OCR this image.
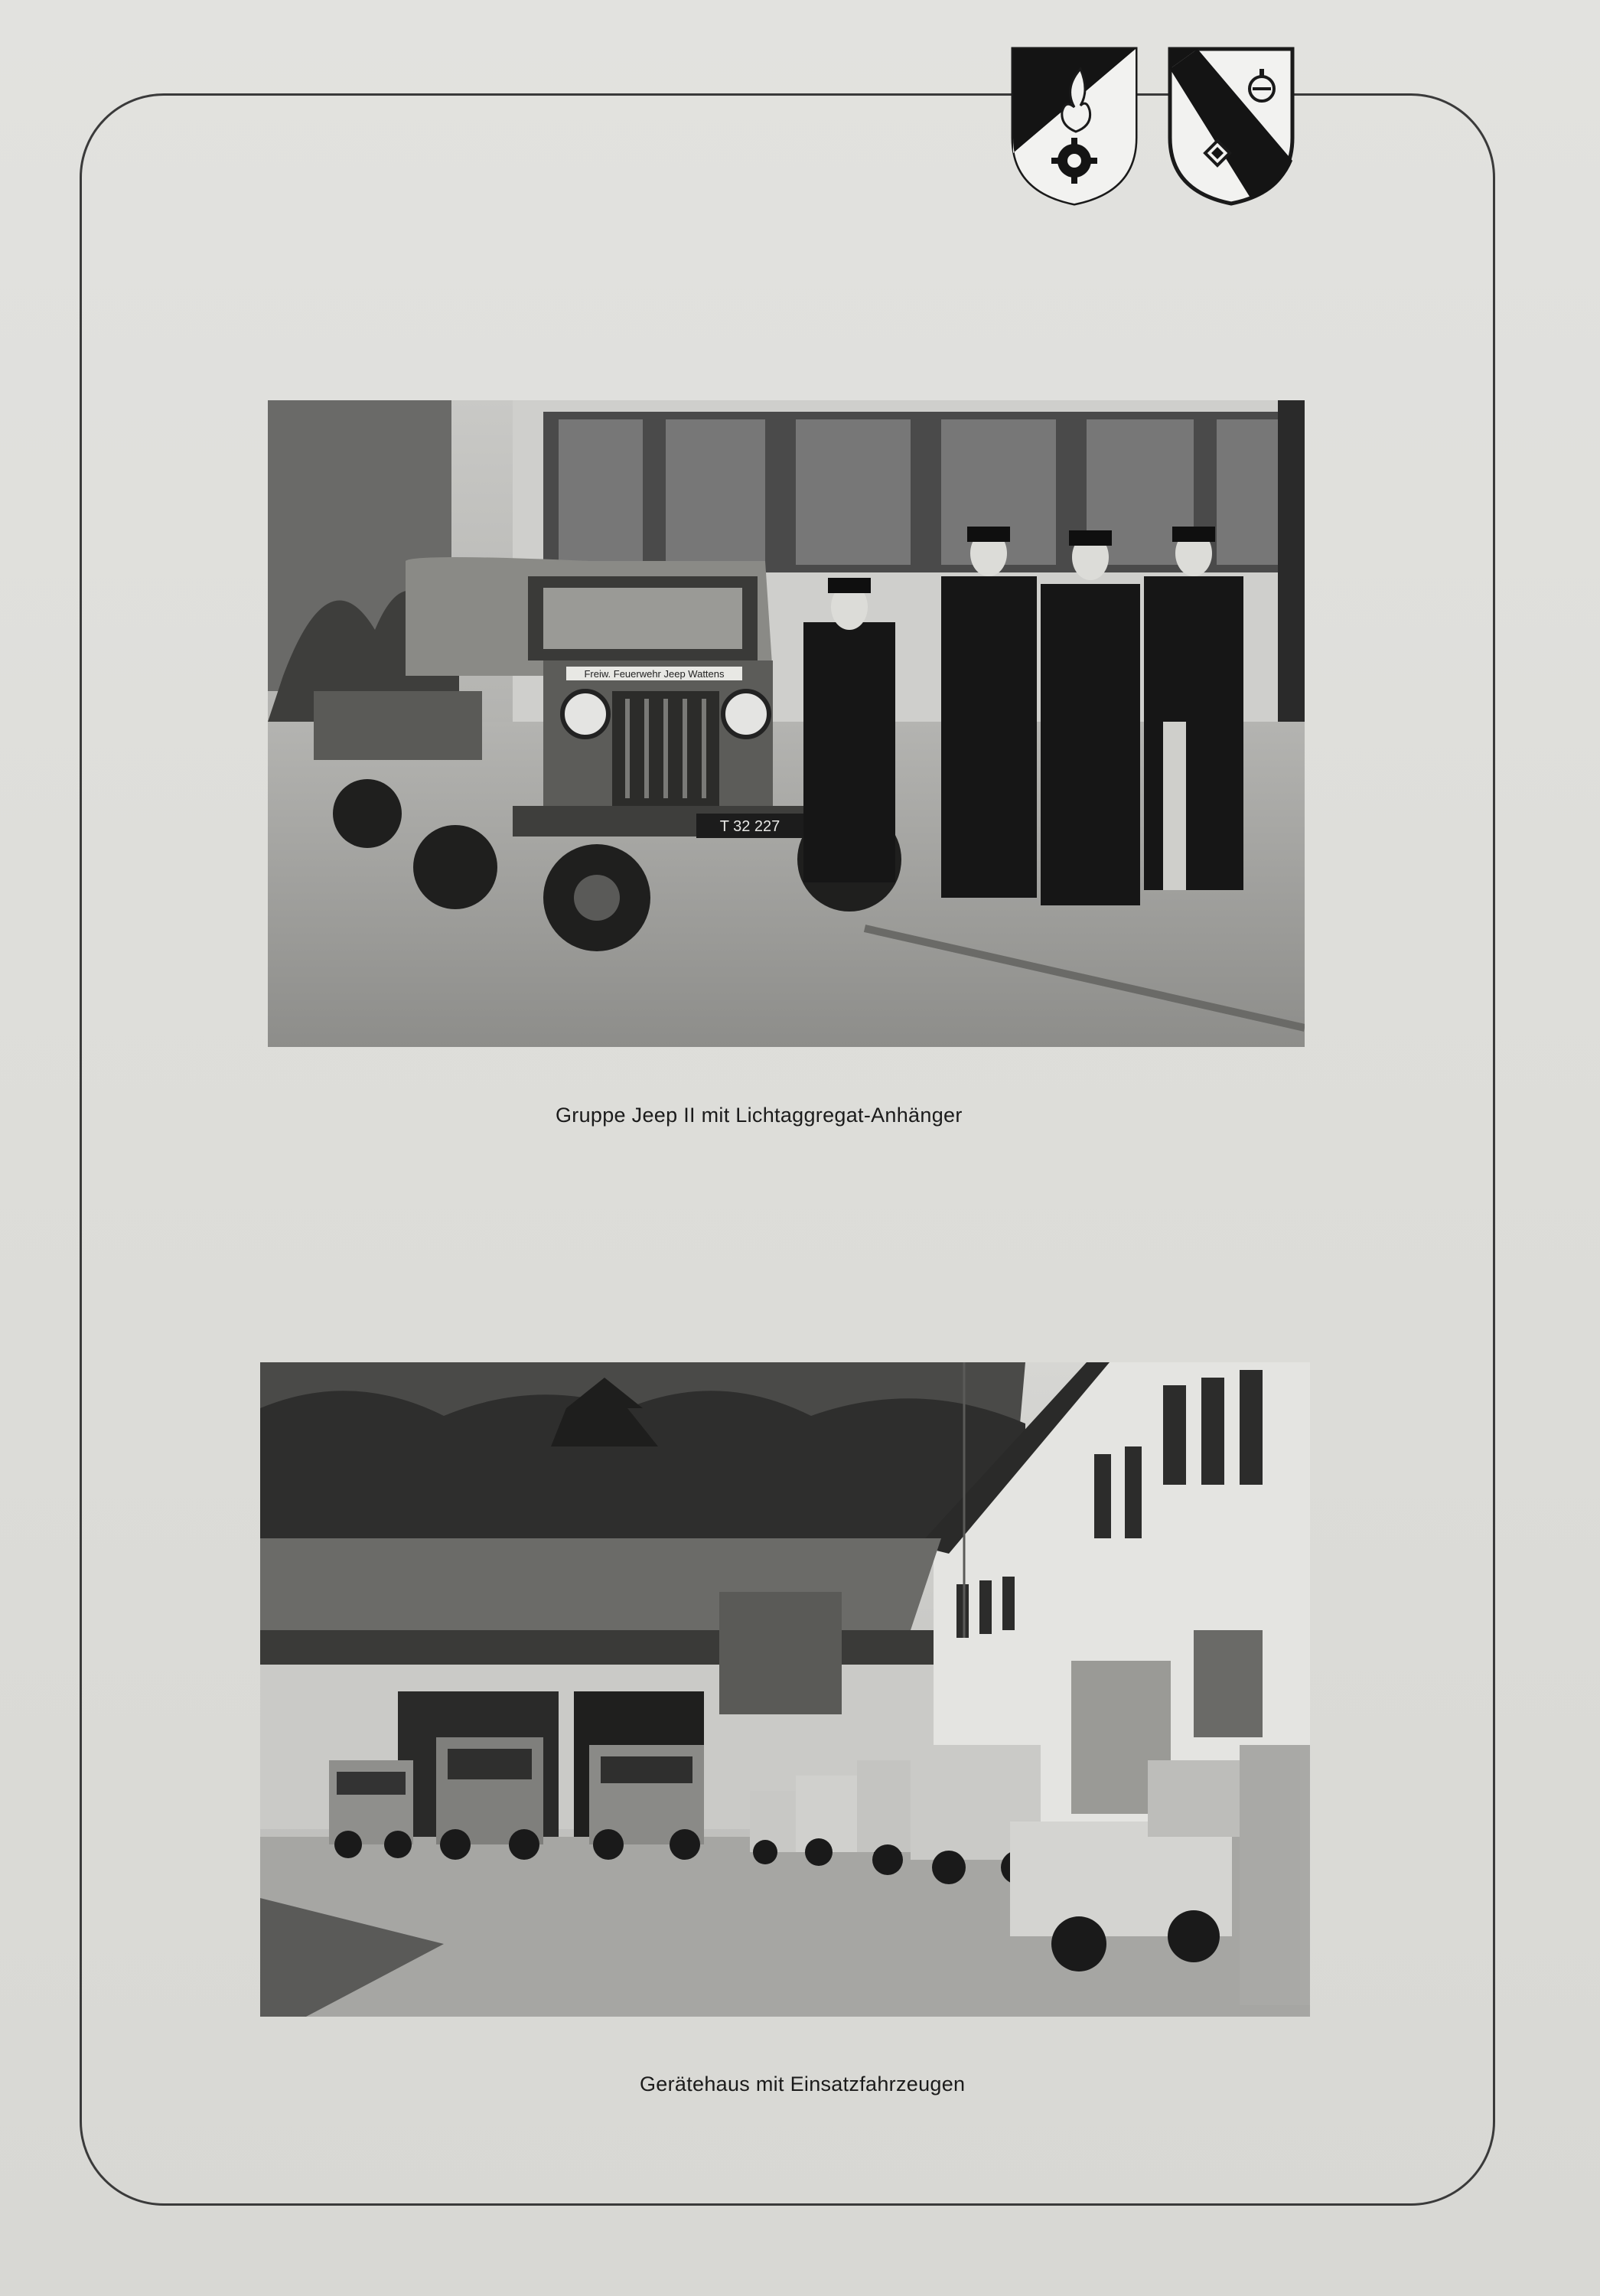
T 32 227
Freiw. Feuerwehr Jeep Wattens
Gruppe Jeep II mit Lichtaggregat-Anhänger
Gerätehaus mit Einsatzfahrzeugen
